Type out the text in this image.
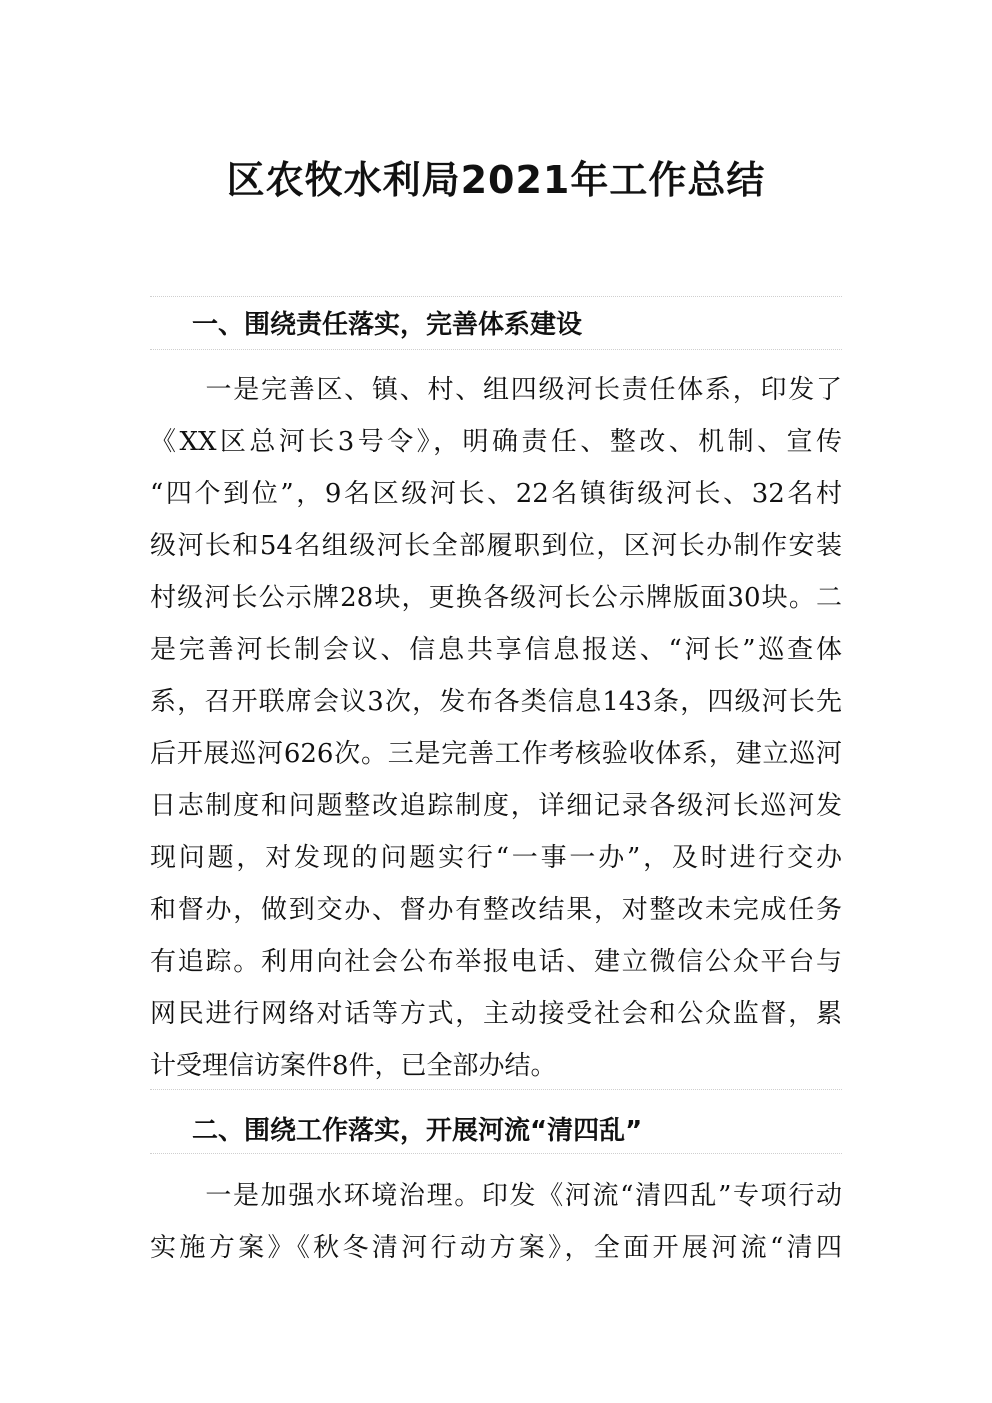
区农牧水利局2021年工作总结
一、围绕责任落实，完善体系建设
　　一是完善区、镇、村、组四级河长责任体系，印发了
《XX区总河长3号令》，明确责任、整改、机制、宣传
“四个到位”，9名区级河长、22名镇街级河长、32名村
级河长和54名组级河长全部履职到位，区河长办制作安装
村级河长公示牌28块，更换各级河长公示牌版面30块。二
是完善河长制会议、信息共享信息报送、“河长”巡查体
系，召开联席会议3次，发布各类信息143条，四级河长先
后开展巡河626次。三是完善工作考核验收体系，建立巡河
日志制度和问题整改追踪制度，详细记录各级河长巡河发
现问题，对发现的问题实行“一事一办”，及时进行交办
和督办，做到交办、督办有整改结果，对整改未完成任务
有追踪。利用向社会公布举报电话、建立微信公众平台与
网民进行网络对话等方式，主动接受社会和公众监督，累
计受理信访案件8件，已全部办结。
二、围绕工作落实，开展河流“清四乱”
　　一是加强水环境治理。印发《河流“清四乱”专项行动
实施方案》《秋冬清河行动方案》，全面开展河流“清四
